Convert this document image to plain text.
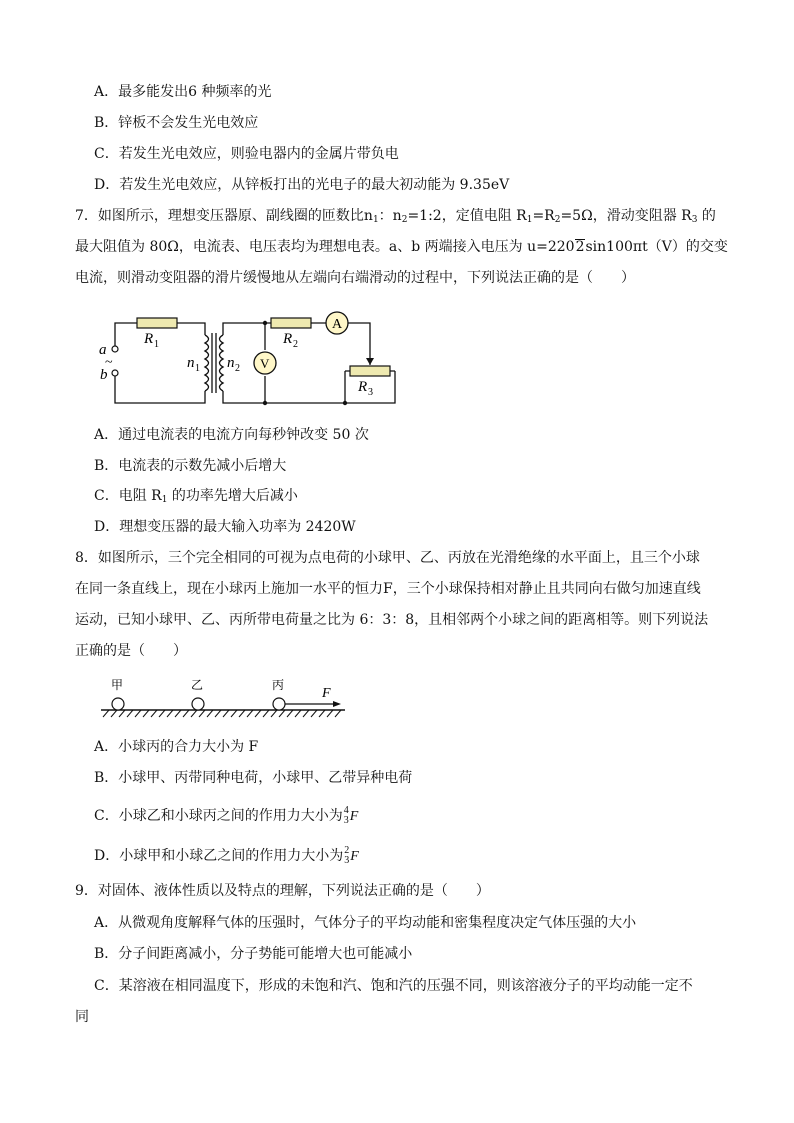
A．最多能发出6 种频率的光
B．锌板不会发生光电效应
C．若发生光电效应，则验电器内的金属片带负电
D．若发生光电效应，从锌板打出的光电子的最大初动能为 9.35eV
7．如图所示，理想变压器原、副线圈的匝数比$n_1$：$n_2=1:2$，定值电阻 $R_1=R_2=5\Omega$，滑动变阻器 $R_3$ 的
最大阻值为 80Ω，电流表、电压表均为理想电表。a、b 两端接入电压为 u=2202sin100πt（V）的交变
电流，则滑动变阻器的滑片缓慢地从左端向右端滑动的过程中，下列说法正确的是（　　）
A
V
a
~
b
R 1	R 2
R 3
n 1 n 2
A．通过电流表的电流方向每秒钟改变 50 次
B．电流表的示数先减小后增大
C．电阻 $R_1$ 的功率先增大后减小
D．理想变压器的最大输入功率为 2420W
8．如图所示，三个完全相同的可视为点电荷的小球甲、乙、丙放在光滑绝缘的水平面上，且三个小球
在同一条直线上，现在小球丙上施加一水平的恒力F，三个小球保持相对静止且共同向右做匀加速直线
运动，已知小球甲、乙、丙所带电荷量之比为 6：3：8，且相邻两个小球之间的距离相等。则下列说法
正确的是（　　）
甲	乙	丙
F
A．小球丙的合力大小为 F
B．小球甲、丙带同种电荷，小球甲、乙带异种电荷
C．小球乙和小球丙之间的作用力大小为 4
3 F
D．小球甲和小球乙之间的作用力大小为 2
3 F
9．对固体、液体性质以及特点的理解，下列说法正确的是（　　）
A．从微观角度解释气体的压强时，气体分子的平均动能和密集程度决定气体压强的大小
B．分子间距离减小，分子势能可能增大也可能减小
C．某溶液在相同温度下，形成的未饱和汽、饱和汽的压强不同，则该溶液分子的平均动能一定不
同
